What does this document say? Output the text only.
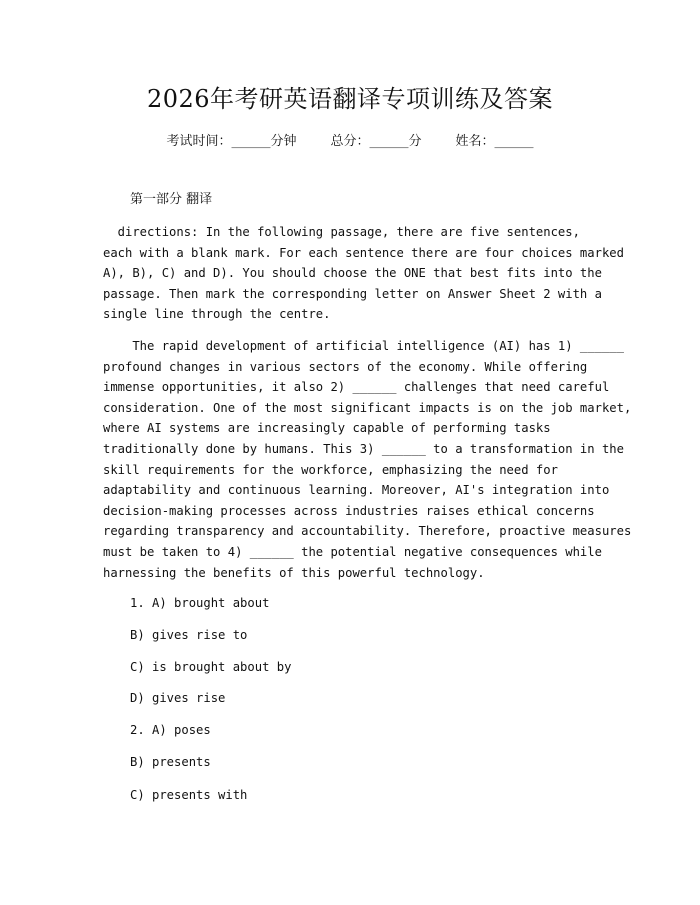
2026年考研英语翻译专项训练及答案
考试时间：______分钟	总分：______分	姓名：______
第一部分 翻译
directions: In the following passage, there are five sentences,
each with a blank mark. For each sentence there are four choices marked
A), B), C) and D). You should choose the ONE that best fits into the
passage. Then mark the corresponding letter on Answer Sheet 2 with a
single line through the centre.
The rapid development of artificial intelligence (AI) has 1) ______
profound changes in various sectors of the economy. While offering
immense opportunities, it also 2) ______ challenges that need careful
consideration. One of the most significant impacts is on the job market,
where AI systems are increasingly capable of performing tasks
traditionally done by humans. This 3) ______ to a transformation in the
skill requirements for the workforce, emphasizing the need for
adaptability and continuous learning. Moreover, AI's integration into
decision-making processes across industries raises ethical concerns
regarding transparency and accountability. Therefore, proactive measures
must be taken to 4) ______ the potential negative consequences while
harnessing the benefits of this powerful technology.
1. A) brought about
B) gives rise to
C) is brought about by
D) gives rise
2. A) poses
B) presents
C) presents with
